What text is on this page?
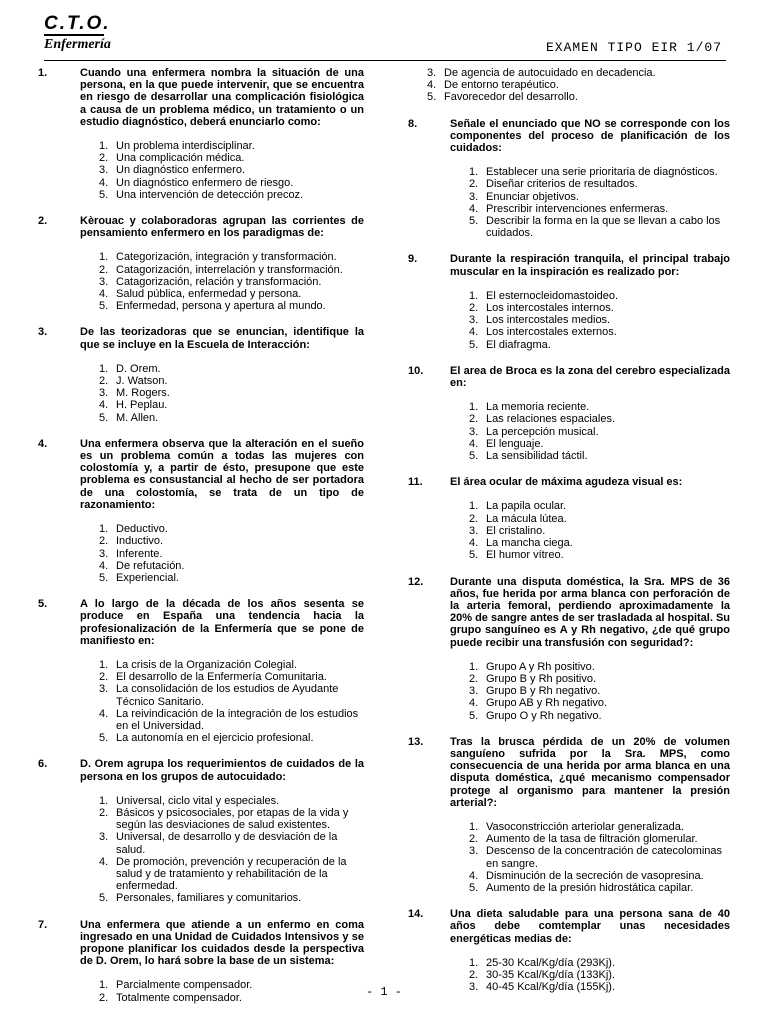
C.T.O.
Enfermería	EXAMEN TIPO EIR 1/07
1.	Cuando una enfermera nombra la situación de una persona, en la que puede intervenir, que se encuentra en riesgo de desarrollar una complicación fisiológica a causa de un problema médico, un tratamiento o un estudio diagnóstico, deberá enunciarlo como:
1. Un problema interdisciplinar.
2. Una complicación médica.
3. Un diagnóstico enfermero.
4. Un diagnóstico enfermero de riesgo.
5. Una intervención de detección precoz.
2.	Kèrouac y colaboradoras agrupan las corrientes de pensamiento enfermero en los paradigmas de:
1. Categorización, integración y transformación.
2. Catagorización, interrelación y transformación.
3. Catagorización, relación y transformación.
4. Salud pública, enfermedad y persona.
5. Enfermedad, persona y apertura al mundo.
3.	De las teorizadoras que se enuncian, identifique la que se incluye en la Escuela de Interacción:
1. D. Orem.
2. J. Watson.
3. M. Rogers.
4. H. Peplau.
5. M. Allen.
4.	Una enfermera observa que la alteración en el sueño es un problema común a todas las mujeres con colostomía y, a partir de ésto, presupone que este problema es consustancial al hecho de ser portadora de una colostomía, se trata de un tipo de razonamiento:
1. Deductivo.
2. Inductivo.
3. Inferente.
4. De refutación.
5. Experiencial.
5.	A lo largo de la década de los años sesenta se produce en España una tendencia hacia la profesionalización de la Enfermería que se pone de manifiesto en:
1. La crisis de la Organización Colegial.
2. El desarrollo de la Enfermería Comunitaria.
3. La consolidación de los estudios de Ayudante Técnico Sanitario.
4. La reivindicación de la integración de los estudios en el Universidad.
5. La autonomía en el ejercicio profesional.
6.	D. Orem agrupa los requerimientos de cuidados de la persona en los grupos de autocuidado:
1. Universal, ciclo vital y especiales.
2. Básicos y psicosociales, por etapas de la vida y según las desviaciones de salud existentes.
3. Universal, de desarrollo y de desviación de la salud.
4. De promoción, prevención y recuperación de la salud y de tratamiento y rehabilitación de la enfermedad.
5. Personales, familiares y comunitarios.
7.	Una enfermera que atiende a un enfermo en coma ingresado en una Unidad de Cuidados Intensivos y se propone planificar los cuidados desde la perspectiva de D. Orem, lo hará sobre la base de un sistema:
1. Parcialmente compensador.
2. Totalmente compensador.
3. De agencia de autocuidado en decadencia.
4. De entorno terapéutico.
5. Favorecedor del desarrollo.
8.	Señale el enunciado que NO se corresponde con los componentes del proceso de planificación de los cuidados:
1. Establecer una serie prioritaria de diagnósticos.
2. Diseñar criterios de resultados.
3. Enunciar objetivos.
4. Prescribir intervenciones enfermeras.
5. Describir la forma en la que se llevan a cabo los cuidados.
9.	Durante la respiración tranquila, el principal trabajo muscular en la inspiración es realizado por:
1. El esternocleidomastoideo.
2. Los intercostales internos.
3. Los intercostales medios.
4. Los intercostales externos.
5. El diafragma.
10. El area de Broca es la zona del cerebro especializada en:
1. La memoria reciente.
2. Las relaciones espaciales.
3. La percepción musical.
4. El lenguaje.
5. La sensibilidad táctil.
11. El área ocular de máxima agudeza visual es:
1. La papila ocular.
2. La mácula lútea.
3. El cristalino.
4. La mancha ciega.
5. El humor vítreo.
12. Durante una disputa doméstica, la Sra. MPS de 36 años, fue herida por arma blanca con perforación de la arteria femoral, perdiendo aproximadamente la 20% de sangre antes de ser trasladada al hospital. Su grupo sanguíneo es A y Rh negativo, ¿de qué grupo puede recibir una transfusión con seguridad?:
1. Grupo A y Rh positivo.
2. Grupo B y Rh positivo.
3. Grupo B y Rh negativo.
4. Grupo AB y Rh negativo.
5. Grupo O y Rh negativo.
13. Tras la brusca pérdida de un 20% de volumen sanguíeno sufrida por la Sra. MPS, como consecuencia de una herida por arma blanca en una disputa doméstica, ¿qué mecanismo compensador protege al organismo para mantener la presión arterial?:
1. Vasoconstricción arteriolar generalizada.
2. Aumento de la tasa de filtración glomerular.
3. Descenso de la concentración de catecolominas en sangre.
4. Disminución de la secreción de vasopresina.
5. Aumento de la presión hidrostática capilar.
14. Una dieta saludable para una persona sana de 40 años debe comtemplar unas necesidades energéticas medias de:
1. 25-30 Kcal/Kg/día (293Kj).
2. 30-35 Kcal/Kg/día (133Kj).
3. 40-45 Kcal/Kg/día (155Kj).
- 1 -
